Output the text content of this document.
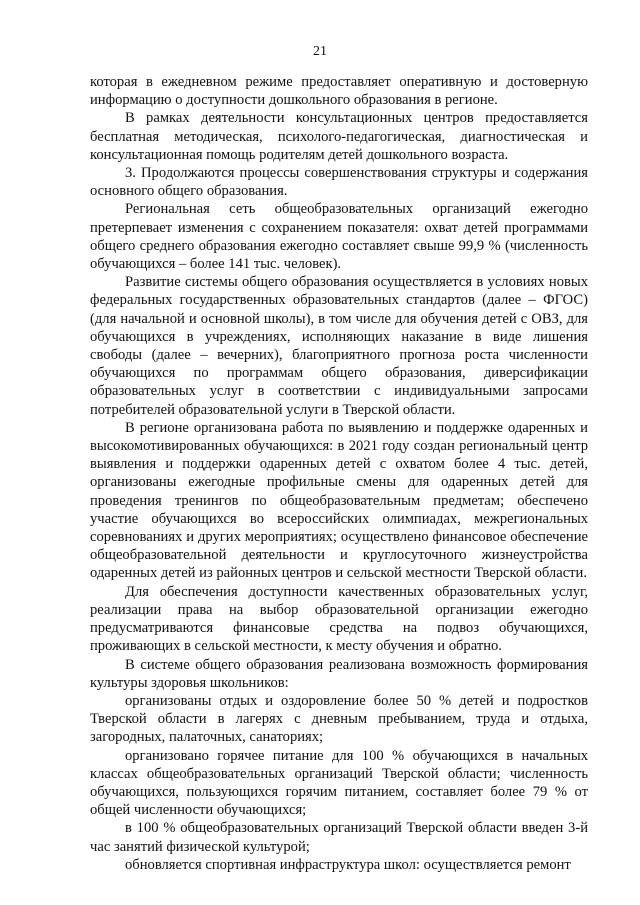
21

которая в ежедневном режиме предоставляет оперативную и достоверную информацию о доступности дошкольного образования в регионе.

В рамках деятельности консультационных центров предоставляется бесплатная методическая, психолого-педагогическая, диагностическая и консультационная помощь родителям детей дошкольного возраста.

3. Продолжаются процессы совершенствования структуры и содержания основного общего образования.

Региональная сеть общеобразовательных организаций ежегодно претерпевает изменения с сохранением показателя: охват детей программами общего среднего образования ежегодно составляет свыше 99,9 % (численность обучающихся – более 141 тыс. человек).

Развитие системы общего образования осуществляется в условиях новых федеральных государственных образовательных стандартов (далее – ФГОС) (для начальной и основной школы), в том числе для обучения детей с ОВЗ, для обучающихся в учреждениях, исполняющих наказание в виде лишения свободы (далее – вечерних), благоприятного прогноза роста численности обучающихся по программам общего образования, диверсификации образовательных услуг в соответствии с индивидуальными запросами потребителей образовательной услуги в Тверской области.

В регионе организована работа по выявлению и поддержке одаренных и высокомотивированных обучающихся: в 2021 году создан региональный центр выявления и поддержки одаренных детей с охватом более 4 тыс. детей, организованы ежегодные профильные смены для одаренных детей для проведения тренингов по общеобразовательным предметам; обеспечено участие обучающихся во всероссийских олимпиадах, межрегиональных соревнованиях и других мероприятиях; осуществлено финансовое обеспечение общеобразовательной деятельности и круглосуточного жизнеустройства одаренных детей из районных центров и сельской местности Тверской области.

Для обеспечения доступности качественных образовательных услуг, реализации права на выбор образовательной организации ежегодно предусматриваются финансовые средства на подвоз обучающихся, проживающих в сельской местности, к месту обучения и обратно.

В системе общего образования реализована возможность формирования культуры здоровья школьников:

организованы отдых и оздоровление более 50 % детей и подростков Тверской области в лагерях с дневным пребыванием, труда и отдыха, загородных, палаточных, санаториях;

организовано горячее питание для 100 % обучающихся в начальных классах общеобразовательных организаций Тверской области; численность обучающихся, пользующихся горячим питанием, составляет более 79 % от общей численности обучающихся;

в 100 % общеобразовательных организаций Тверской области введен 3-й час занятий физической культурой;

обновляется спортивная инфраструктура школ: осуществляется ремонт
